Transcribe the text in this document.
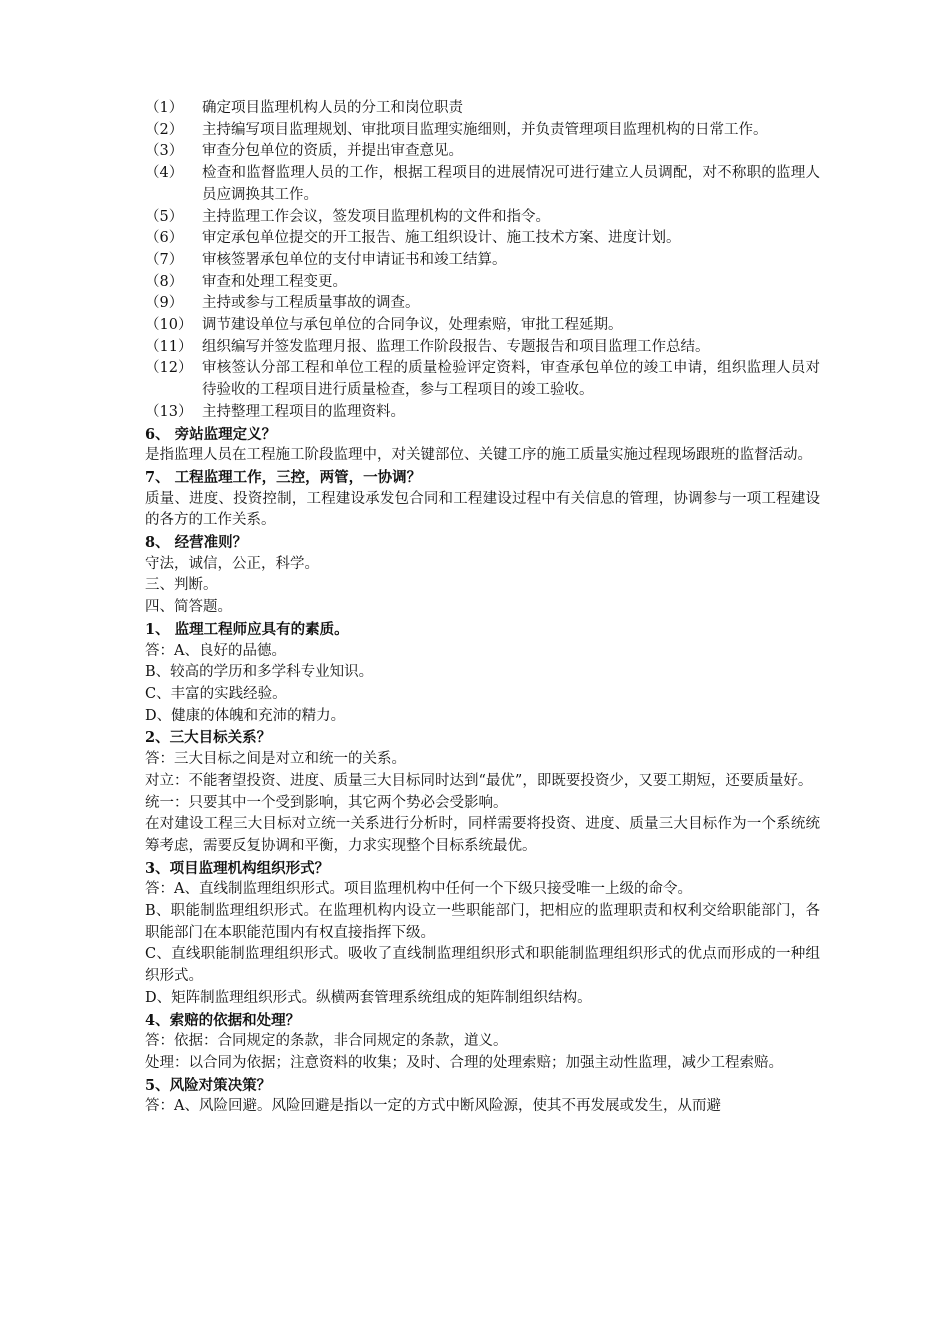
（1）	确定项目监理机构人员的分工和岗位职责
（2）	主持编写项目监理规划、审批项目监理实施细则，并负责管理项目监理机构的日常工作。
（3）	审查分包单位的资质，并提出审查意见。
（4）	检查和监督监理人员的工作，根据工程项目的进展情况可进行建立人员调配，对不称职的监理人员应调换其工作。
（5）	主持监理工作会议，签发项目监理机构的文件和指令。
（6）	审定承包单位提交的开工报告、施工组织设计、施工技术方案、进度计划。
（7）	审核签署承包单位的支付申请证书和竣工结算。
（8）	审查和处理工程变更。
（9）	主持或参与工程质量事故的调查。
（10） 调节建设单位与承包单位的合同争议，处理索赔，审批工程延期。
（11） 组织编写并签发监理月报、监理工作阶段报告、专题报告和项目监理工作总结。
（12） 审核签认分部工程和单位工程的质量检验评定资料，审查承包单位的竣工申请，组织监理人员对待验收的工程项目进行质量检查，参与工程项目的竣工验收。
（13） 主持整理工程项目的监理资料。

6、 旁站监理定义？

是指监理人员在工程施工阶段监理中，对关键部位、关键工序的施工质量实施过程现场跟班的监督活动。

7、 工程监理工作，三控，两管，一协调？

质量、进度、投资控制，工程建设承发包合同和工程建设过程中有关信息的管理，协调参与一项工程建设的各方的工作关系。

8、 经营准则？

守法，诚信，公正，科学。

三、判断。

四、简答题。

1、 监理工程师应具有的素质。

答：A、良好的品德。

B、较高的学历和多学科专业知识。

C、丰富的实践经验。

D、健康的体魄和充沛的精力。

2、三大目标关系？

答：三大目标之间是对立和统一的关系。

对立：不能奢望投资、进度、质量三大目标同时达到“最优”，即既要投资少，又要工期短，还要质量好。

统一：只要其中一个受到影响，其它两个势必会受影响。

在对建设工程三大目标对立统一关系进行分析时，同样需要将投资、进度、质量三大目标作为一个系统统筹考虑，需要反复协调和平衡，力求实现整个目标系统最优。

3、项目监理机构组织形式？

答：A、直线制监理组织形式。项目监理机构中任何一个下级只接受唯一上级的命令。

B、职能制监理组织形式。在监理机构内设立一些职能部门，把相应的监理职责和权利交给职能部门，各职能部门在本职能范围内有权直接指挥下级。

C、直线职能制监理组织形式。吸收了直线制监理组织形式和职能制监理组织形式的优点而形成的一种组织形式。

D、矩阵制监理组织形式。纵横两套管理系统组成的矩阵制组织结构。

4、索赔的依据和处理？

答：依据：合同规定的条款，非合同规定的条款，道义。

处理：以合同为依据；注意资料的收集；及时、合理的处理索赔；加强主动性监理，减少工程索赔。

5、风险对策决策？

答：A、风险回避。风险回避是指以一定的方式中断风险源，使其不再发展或发生，从而避
